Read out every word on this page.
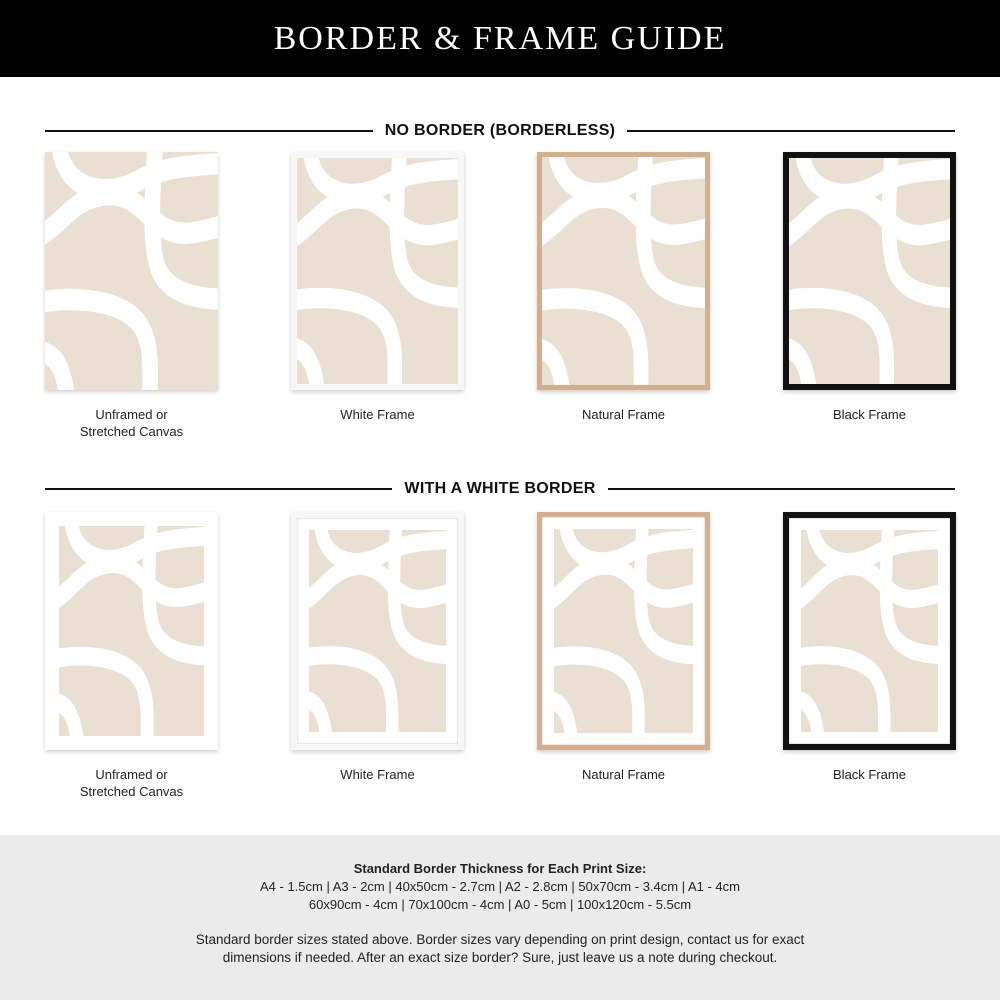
BORDER & FRAME GUIDE
NO BORDER (BORDERLESS)
WITH A WHITE BORDER
Unframed or
Stretched Canvas
White Frame	Natural Frame	Black Frame
Unframed or
Stretched Canvas
White Frame	Natural Frame	Black Frame
Standard Border Thickness for Each Print Size:
A4 - 1.5cm | A3 - 2cm | 40x50cm - 2.7cm | A2 - 2.8cm | 50x70cm - 3.4cm | A1 - 4cm
60x90cm - 4cm | 70x100cm - 4cm | A0 - 5cm | 100x120cm - 5.5cm
Standard border sizes stated above. Border sizes vary depending on print design, contact us for exact
dimensions if needed. After an exact size border? Sure, just leave us a note during checkout.
